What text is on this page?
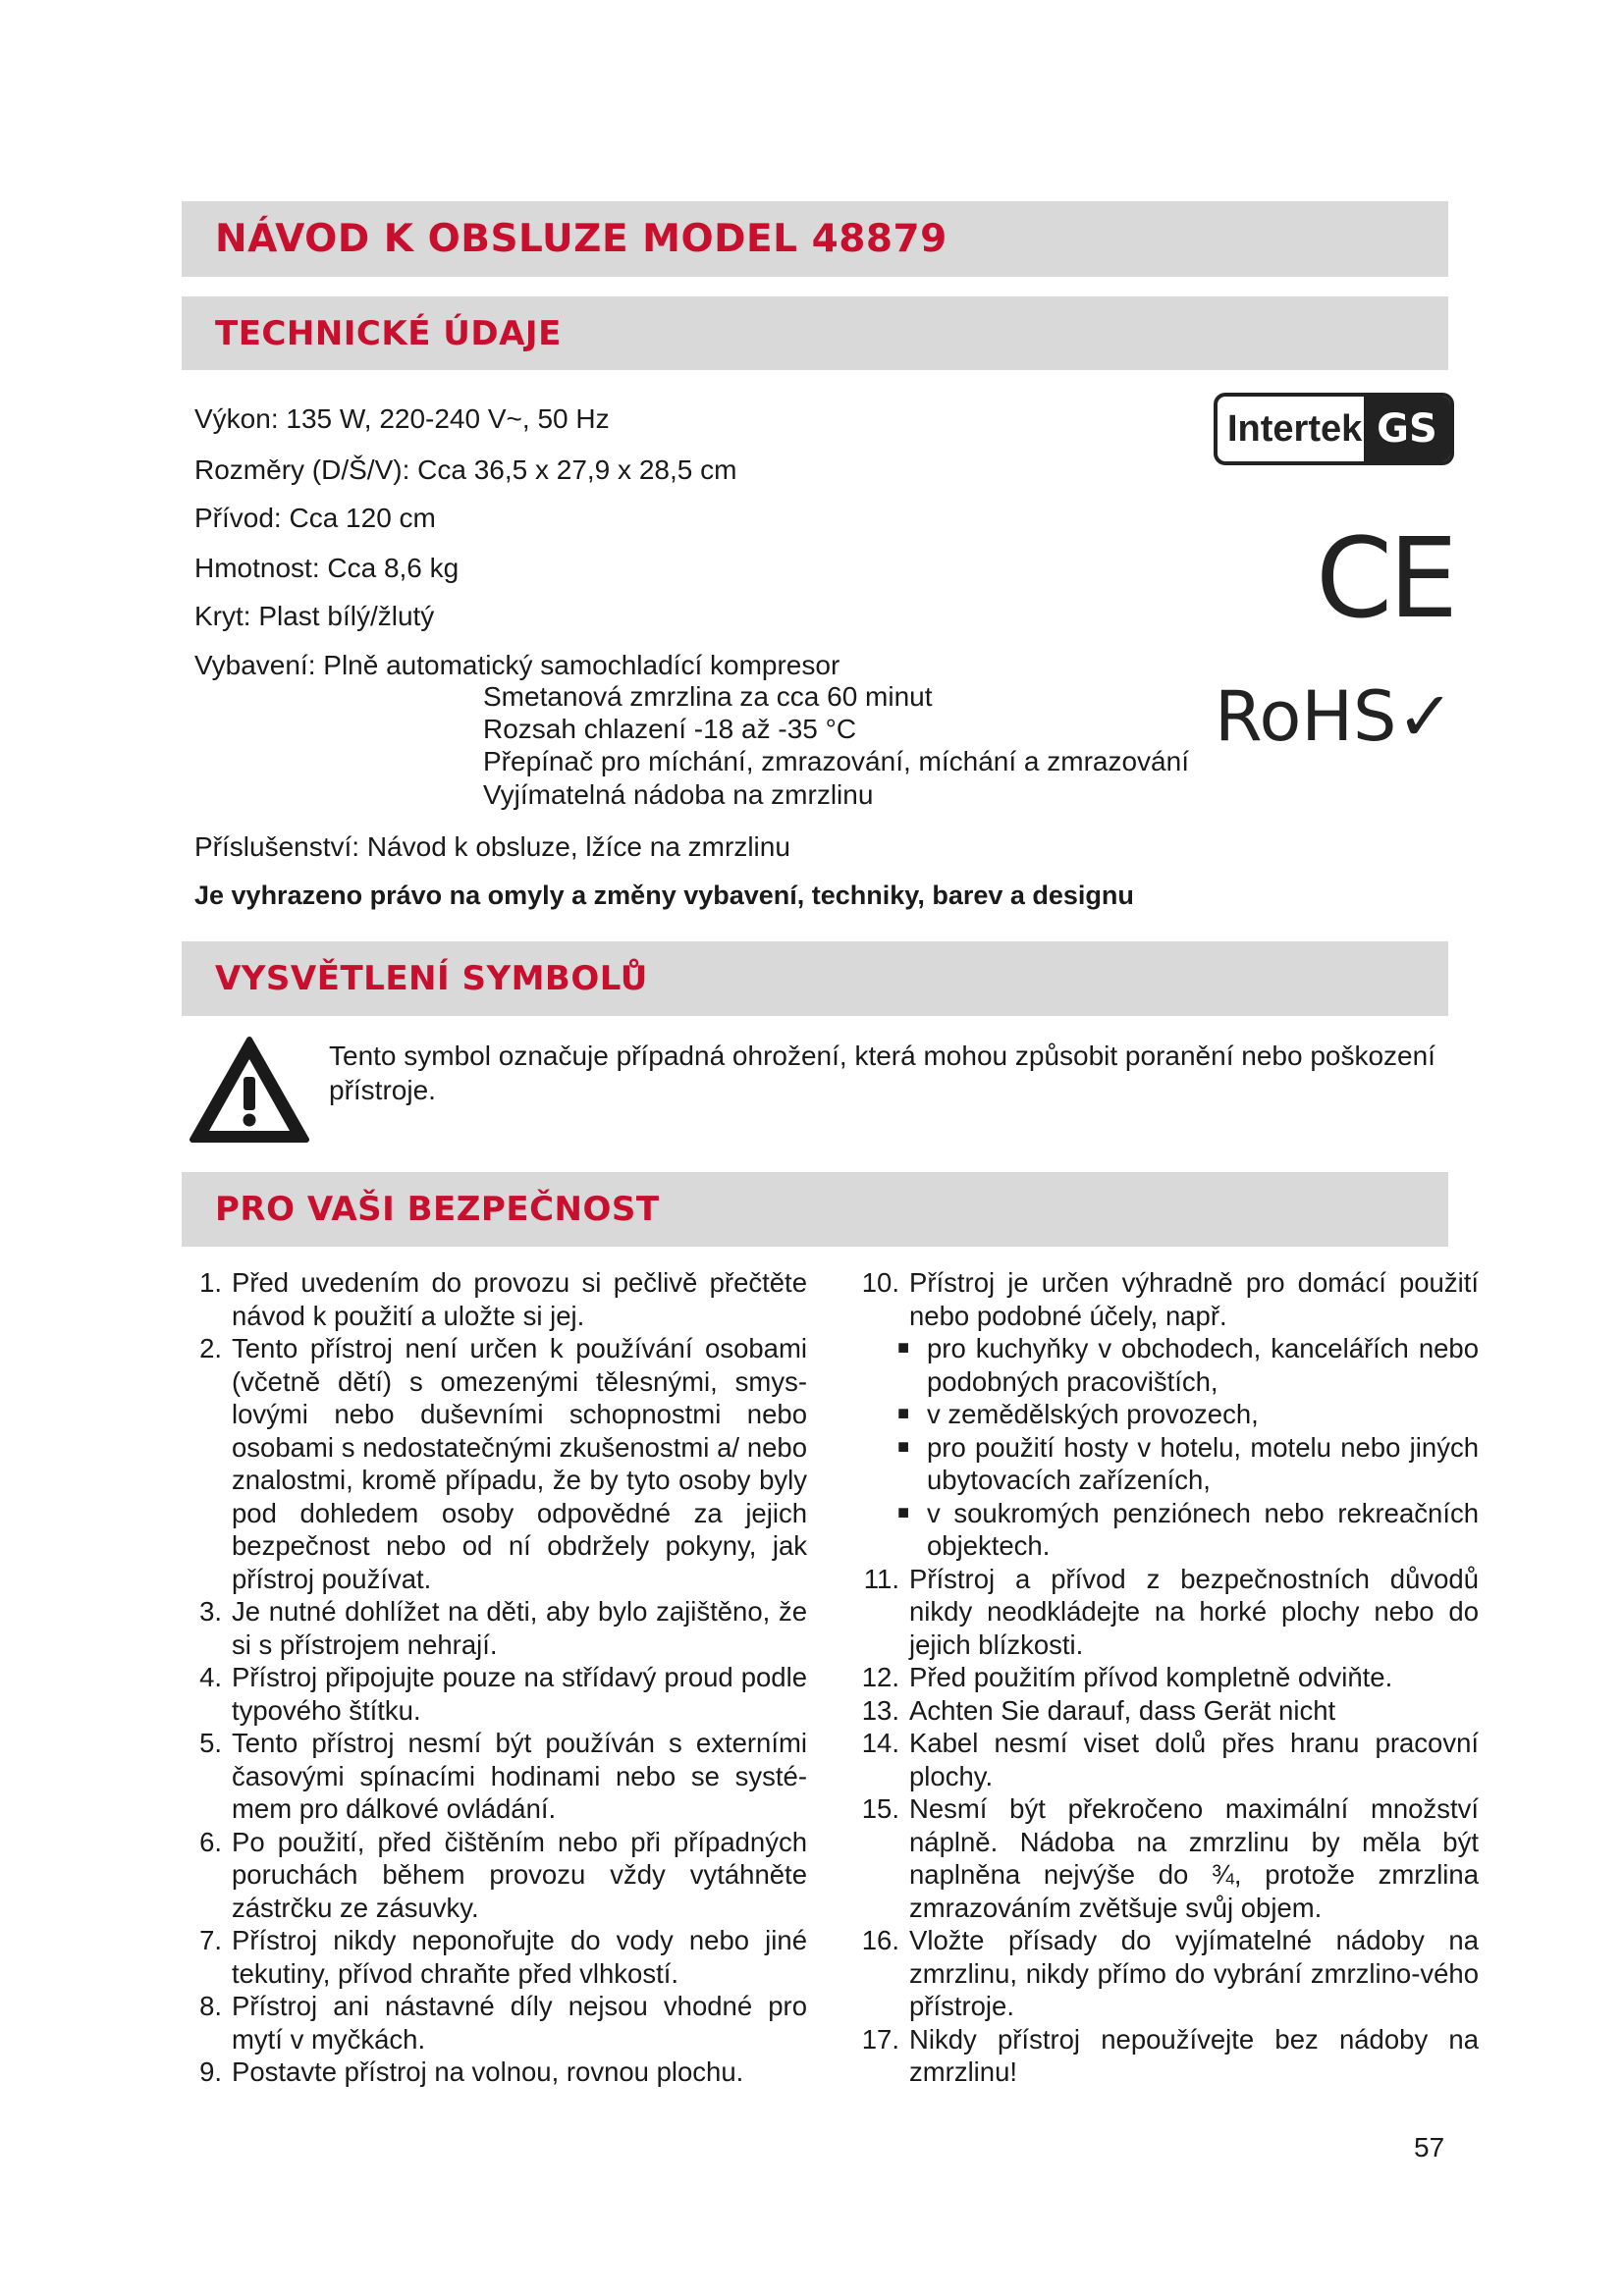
NÁVOD K OBSLUZE MODEL 48879
TECHNICKÉ ÚDAJE
Výkon: 135 W, 220-240 V~, 50 Hz
Rozměry (D/Š/V): Cca 36,5 x 27,9 x 28,5 cm
Přívod: Cca 120 cm
Hmotnost: Cca 8,6 kg
Kryt: Plast bílý/žlutý
Vybavení: Plně automatický samochladící kompresor
Smetanová zmrzlina za cca 60 minut
Rozsah chlazení -18 až -35 °C
Přepínač pro míchání, zmrazování, míchání a zmrazování
Vyjímatelná nádoba na zmrzlinu
Příslušenství: Návod k obsluze, lžíce na zmrzlinu
Je vyhrazeno právo na omyly a změny vybavení, techniky, barev a designu
Intertek GS
CE
RoHS✓
VYSVĚTLENÍ SYMBOLŮ
Tento symbol označuje případná ohrožení, která mohou způsobit poranění nebo poškození přístroje.
PRO VAŠI BEZPEČNOST
1. Před uvedením do provozu si pečlivě přečtěte návod k použití a uložte si jej.
2. Tento přístroj není určen k používání osobami (včetně dětí) s omezenými tělesnými, smys-lovými nebo duševními schopnostmi nebo osobami s nedostatečnými zkušenostmi a/ nebo znalostmi, kromě případu, že by tyto osoby byly pod dohledem osoby odpovědné za jejich bezpečnost nebo od ní obdržely pokyny, jak přístroj používat.
3. Je nutné dohlížet na děti, aby bylo zajištěno, že si s přístrojem nehrají.
4. Přístroj připojujte pouze na střídavý proud podle typového štítku.
5. Tento přístroj nesmí být používán s externími časovými spínacími hodinami nebo se systé-mem pro dálkové ovládání.
6. Po použití, před čištěním nebo při případných poruchách během provozu vždy vytáhněte zástrčku ze zásuvky.
7. Přístroj nikdy neponořujte do vody nebo jiné tekutiny, přívod chraňte před vlhkostí.
8. Přístroj ani nástavné díly nejsou vhodné pro mytí v myčkách.
9. Postavte přístroj na volnou, rovnou plochu.
10. Přístroj je určen výhradně pro domácí použití nebo podobné účely, např.
■ pro kuchyňky v obchodech, kancelářích nebo podobných pracovištích,
■ v zemědělských provozech,
■ pro použití hosty v hotelu, motelu nebo jiných ubytovacích zařízeních,
■ v soukromých penziónech nebo rekreačních objektech.
11. Přístroj a přívod z bezpečnostních důvodů nikdy neodkládejte na horké plochy nebo do jejich blízkosti.
12. Před použitím přívod kompletně odviňte.
13. Achten Sie darauf, dass Gerät nicht
14. Kabel nesmí viset dolů přes hranu pracovní plochy.
15. Nesmí být překročeno maximální množství náplně. Nádoba na zmrzlinu by měla být naplněna nejvýše do ¾, protože zmrzlina zmrazováním zvětšuje svůj objem.
16. Vložte přísady do vyjímatelné nádoby na zmrzlinu, nikdy přímo do vybrání zmrzlino-vého přístroje.
17. Nikdy přístroj nepoužívejte bez nádoby na zmrzlinu!
57
